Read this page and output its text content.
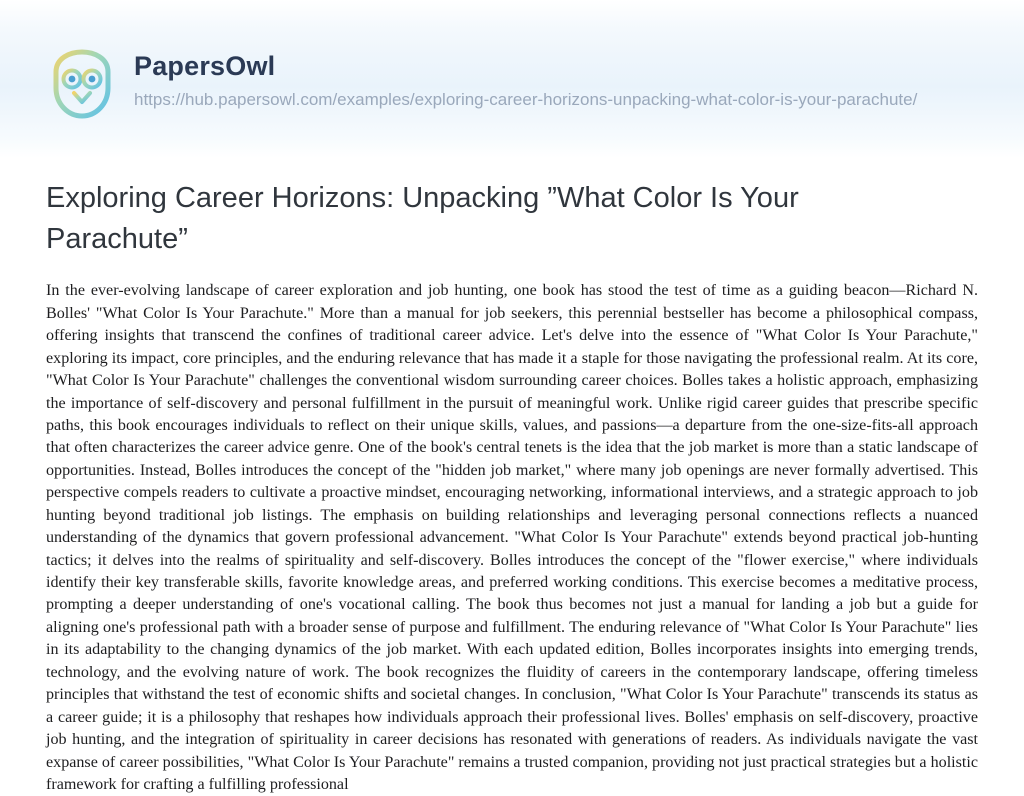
PapersOwl
https://hub.papersowl.com/examples/exploring-career-horizons-unpacking-what-color-is-your-parachute/
Exploring Career Horizons: Unpacking ”What Color Is Your Parachute”
In the ever-evolving landscape of career exploration and job hunting, one book has stood the test of time as a guiding beacon—Richard N. Bolles' "What Color Is Your Parachute." More than a manual for job seekers, this perennial bestseller has become a philosophical compass, offering insights that transcend the confines of traditional career advice. Let's delve into the essence of "What Color Is Your Parachute," exploring its impact, core principles, and the enduring relevance that has made it a staple for those navigating the professional realm. At its core, "What Color Is Your Parachute" challenges the conventional wisdom surrounding career choices. Bolles takes a holistic approach, emphasizing the importance of self-discovery and personal fulfillment in the pursuit of meaningful work. Unlike rigid career guides that prescribe specific paths, this book encourages individuals to reflect on their unique skills, values, and passions—a departure from the one-size-fits-all approach that often characterizes the career advice genre. One of the book's central tenets is the idea that the job market is more than a static landscape of opportunities. Instead, Bolles introduces the concept of the "hidden job market," where many job openings are never formally advertised. This perspective compels readers to cultivate a proactive mindset, encouraging networking, informational interviews, and a strategic approach to job hunting beyond traditional job listings. The emphasis on building relationships and leveraging personal connections reflects a nuanced understanding of the dynamics that govern professional advancement. "What Color Is Your Parachute" extends beyond practical job-hunting tactics; it delves into the realms of spirituality and self-discovery. Bolles introduces the concept of the "flower exercise," where individuals identify their key transferable skills, favorite knowledge areas, and preferred working conditions. This exercise becomes a meditative process, prompting a deeper understanding of one's vocational calling. The book thus becomes not just a manual for landing a job but a guide for aligning one's professional path with a broader sense of purpose and fulfillment. The enduring relevance of "What Color Is Your Parachute" lies in its adaptability to the changing dynamics of the job market. With each updated edition, Bolles incorporates insights into emerging trends, technology, and the evolving nature of work. The book recognizes the fluidity of careers in the contemporary landscape, offering timeless principles that withstand the test of economic shifts and societal changes. In conclusion, "What Color Is Your Parachute" transcends its status as a career guide; it is a philosophy that reshapes how individuals approach their professional lives. Bolles' emphasis on self-discovery, proactive job hunting, and the integration of spirituality in career decisions has resonated with generations of readers. As individuals navigate the vast expanse of career possibilities, "What Color Is Your Parachute" remains a trusted companion, providing not just practical strategies but a holistic framework for crafting a fulfilling professional
